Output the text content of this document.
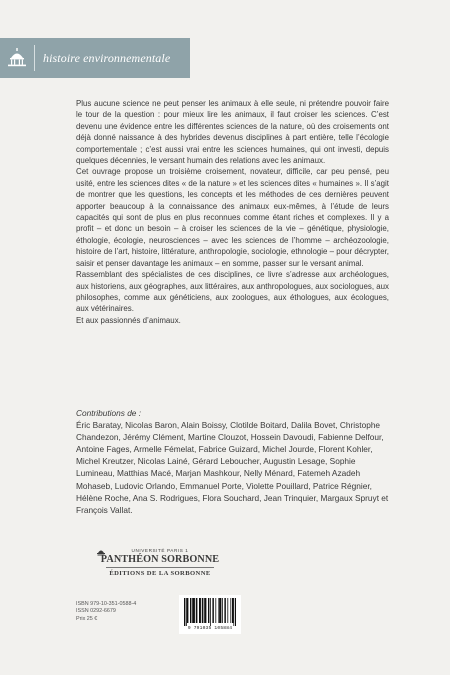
histoire environnementale

Plus aucune science ne peut penser les animaux à elle seule, ni prétendre pouvoir faire le tour de la question : pour mieux lire les animaux, il faut croiser les sciences. C’est devenu une évidence entre les différentes sciences de la nature, où des croisements ont déjà donné naissance à des hybrides devenus disciplines à part entière, telle l’écologie comportementale ; c’est aussi vrai entre les sciences humaines, qui ont investi, depuis quelques décennies, le versant humain des relations avec les animaux.

Cet ouvrage propose un troisième croisement, novateur, difficile, car peu pensé, peu usité, entre les sciences dites « de la nature » et les sciences dites « humaines ». Il s’agit de montrer que les questions, les concepts et les méthodes de ces dernières peuvent apporter beaucoup à la connaissance des animaux eux-mêmes, à l’étude de leurs capacités qui sont de plus en plus reconnues comme étant riches et complexes. Il y a profit – et donc un besoin – à croiser les sciences de la vie – génétique, physiologie, éthologie, écologie, neurosciences – avec les sciences de l’homme – archéozoologie, histoire de l’art, histoire, littérature, anthropologie, sociologie, ethnologie – pour décrypter, saisir et penser davantage les animaux – en somme, passer sur le versant animal.

Rassemblant des spécialistes de ces disciplines, ce livre s’adresse aux archéologues, aux historiens, aux géographes, aux littéraires, aux anthropologues, aux sociologues, aux philosophes, comme aux généticiens, aux zoologues, aux éthologues, aux écologues, aux vétérinaires.

Et aux passionnés d’animaux.

Contributions de :
Éric Baratay, Nicolas Baron, Alain Boissy, Clotilde Boitard, Dalila Bovet, Christophe Chandezon, Jérémy Clément, Martine Clouzot, Hossein Davoudi, Fabienne Delfour, Antoine Fages, Armelle Fémelat, Fabrice Guizard, Michel Jourde, Florent Kohler, Michel Kreutzer, Nicolas Lainé, Gérard Leboucher, Augustin Lesage, Sophie Lumineau, Matthias Macé, Marjan Mashkour, Nelly Ménard, Fatemeh Azadeh Mohaseb, Ludovic Orlando, Emmanuel Porte, Violette Pouillard, Patrice Régnier, Hélène Roche, Ana S. Rodrigues, Flora Souchard, Jean Trinquier, Margaux Spruyt et François Vallat.
UNIVERSITÉ PARIS 1
PANTHÉON SORBONNE
ÉDITIONS DE LA SORBONNE
ISBN 979-10-351-0588-4
ISSN 0292-6679
Prix 25 €
9 791035 105884
